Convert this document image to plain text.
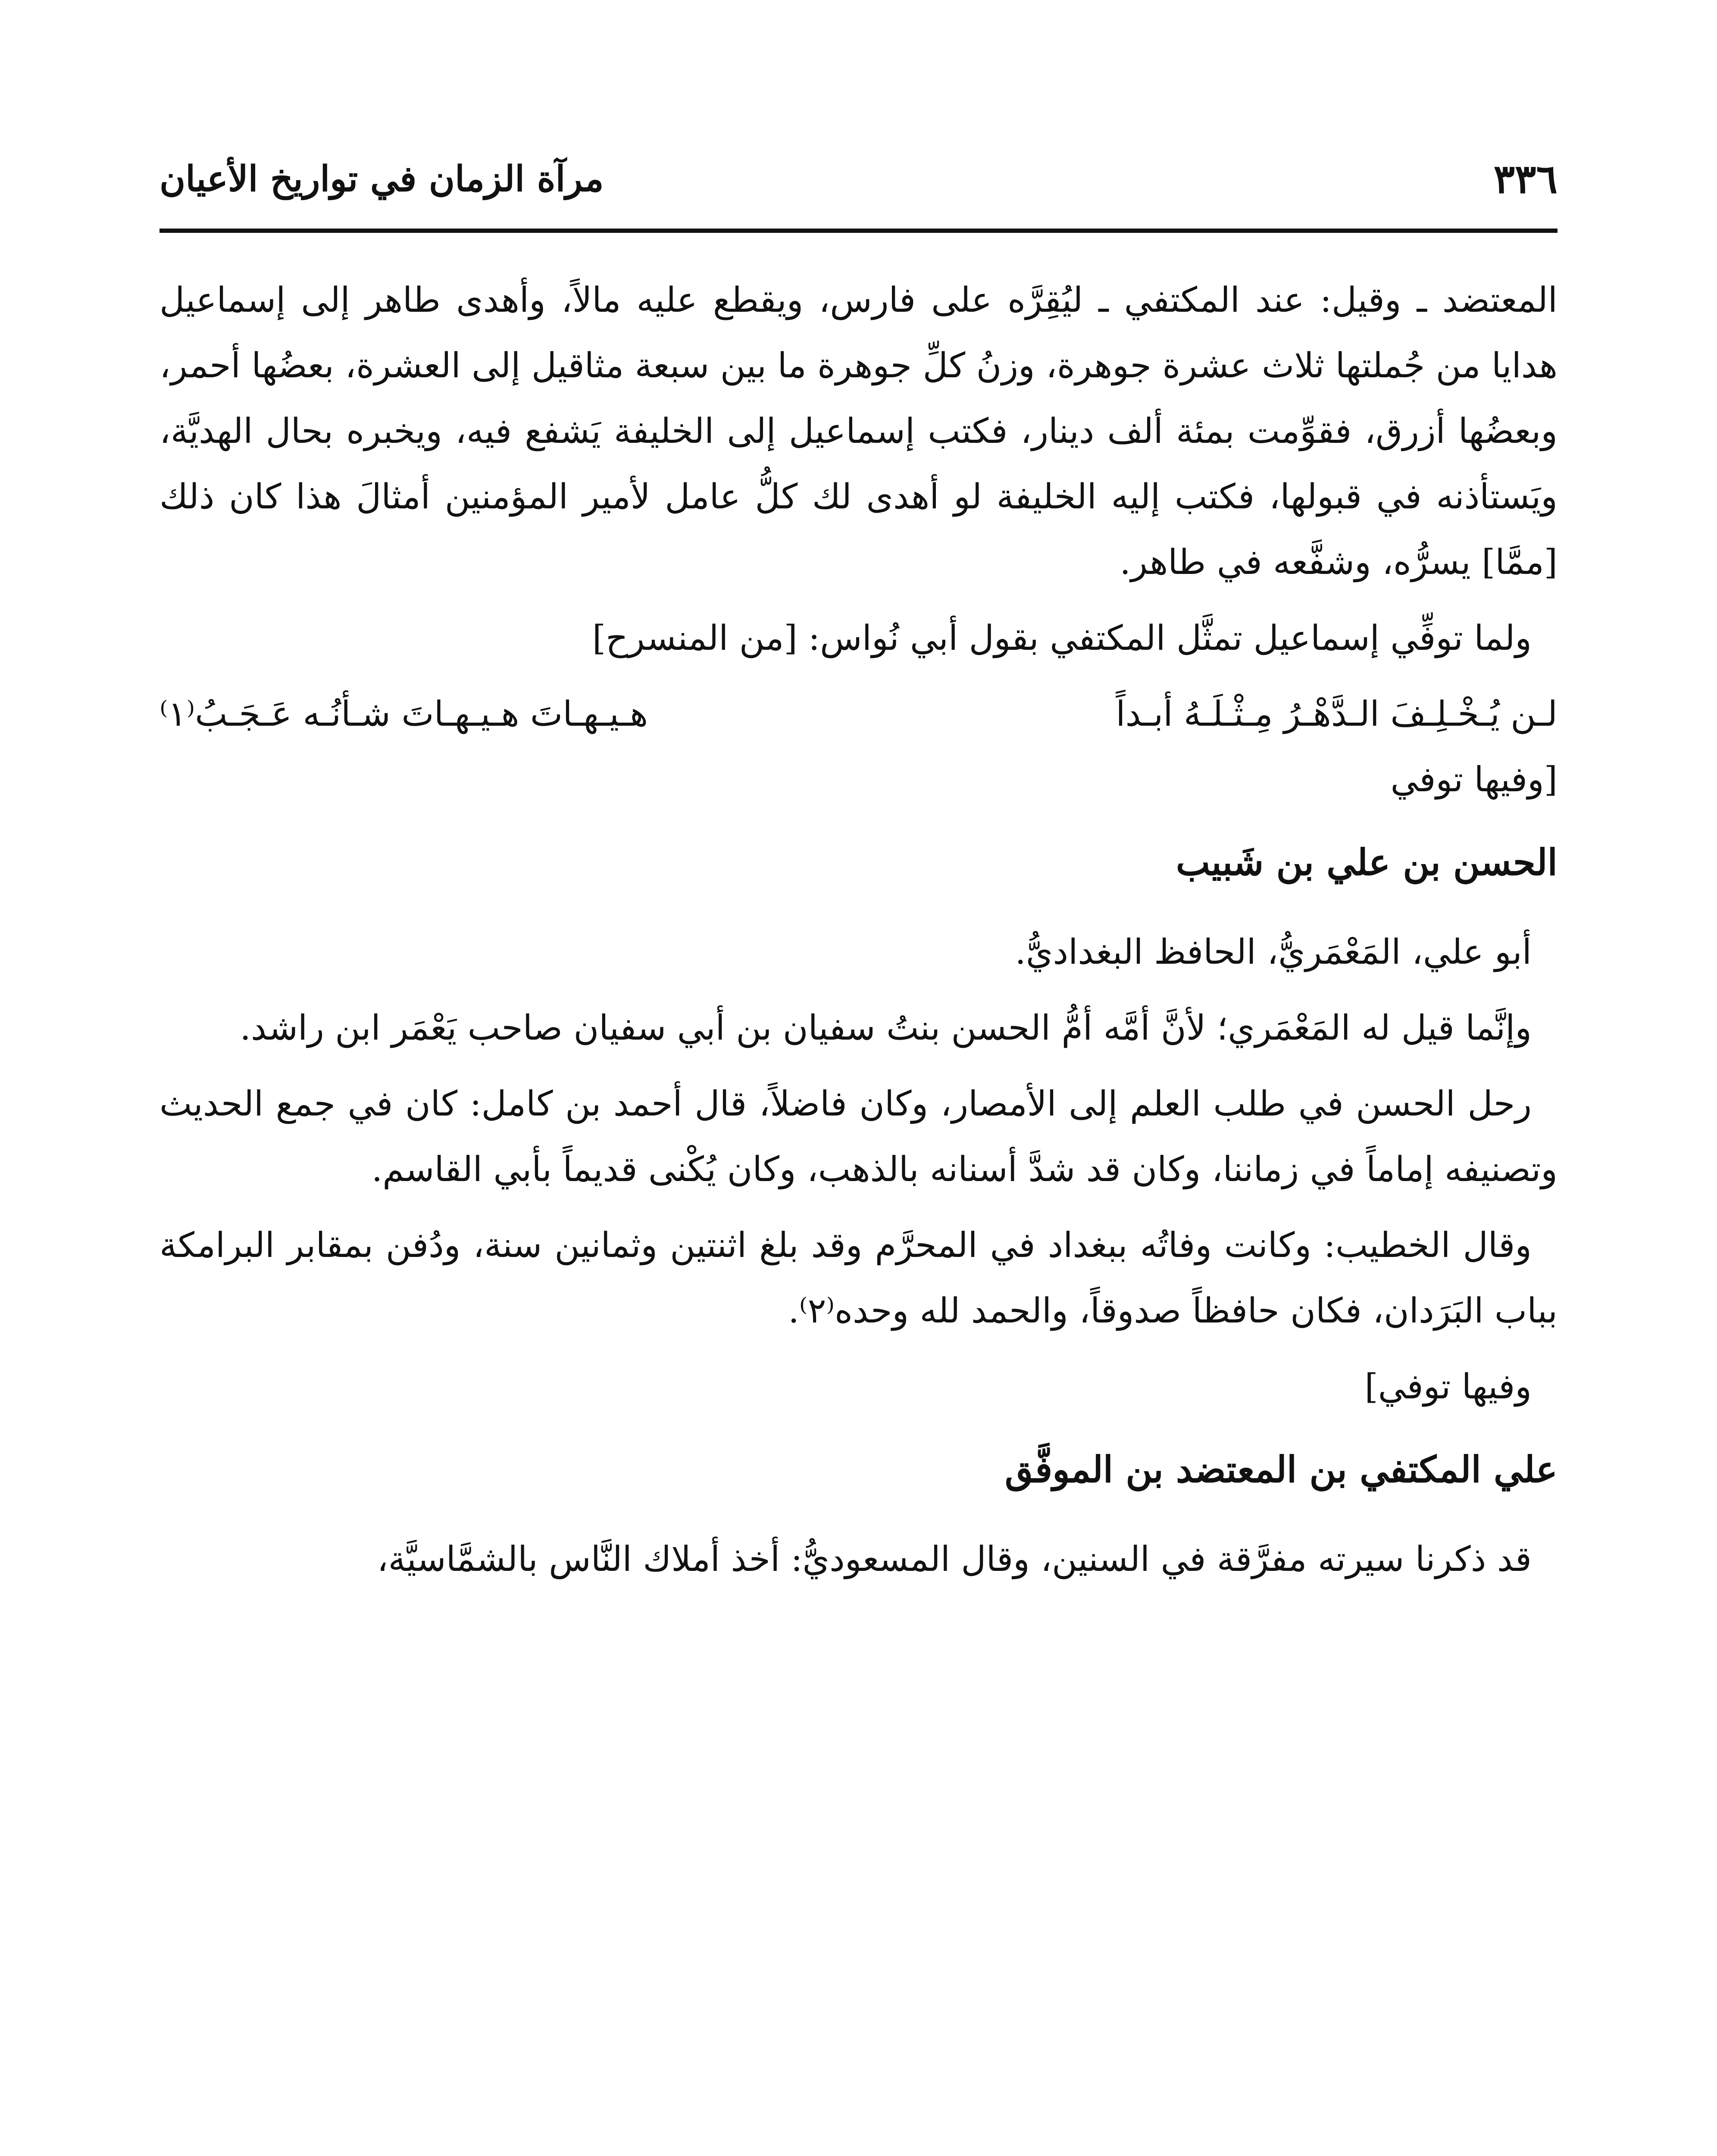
٣٣٦
مرآة الزمان في تواريخ الأعيان

المعتضد ـ وقيل: عند المكتفي ـ ليُقِرَّه على فارس، ويقطع عليه مالاً، وأهدى طاهر إلى إسماعيل هدايا من جُملتها ثلاث عشرة جوهرة، وزنُ كلِّ جوهرة ما بين سبعة مثاقيل إلى العشرة، بعضُها أحمر، وبعضُها أزرق، فقوِّمت بمئة ألف دينار، فكتب إسماعيل إلى الخليفة يَشفع فيه، ويخبره بحال الهديَّة، ويَستأذنه في قبولها، فكتب إليه الخليفة لو أهدى لك كلُّ عامل لأمير المؤمنين أمثالَ هذا كان ذلك [ممَّا] يسرُّه، وشفَّعه في طاهر.

ولما توفِّي إسماعيل تمثَّل المكتفي بقول أبي نُواس: [من المنسرح]

لـن يُـخْـلِـفَ الـدَّهْـرُ مِـثْـلَـهُ أبـداً
هـيـهـاتَ هـيـهـاتَ شـأنُـه عَـجَـبُ⁽١⁾

[وفيها توفي

الحسن بن علي بن شَبيب

أبو علي، المَعْمَريُّ، الحافظ البغداديُّ.

وإنَّما قيل له المَعْمَري؛ لأنَّ أمَّه أمُّ الحسن بنتُ سفيان بن أبي سفيان صاحب يَعْمَر ابن راشد.

رحل الحسن في طلب العلم إلى الأمصار، وكان فاضلاً، قال أحمد بن كامل: كان في جمع الحديث وتصنيفه إماماً في زماننا، وكان قد شدَّ أسنانه بالذهب، وكان يُكْنى قديماً بأبي القاسم.

وقال الخطيب: وكانت وفاتُه ببغداد في المحرَّم وقد بلغ اثنتين وثمانين سنة، ودُفن بمقابر البرامكة بباب البَرَدان، فكان حافظاً صدوقاً، والحمد لله وحده⁽٢⁾.

وفيها توفي]

علي المكتفي بن المعتضد بن الموفَّق

قد ذكرنا سيرته مفرَّقة في السنين، وقال المسعوديُّ: أخذ أملاك النَّاس بالشمَّاسيَّة،
